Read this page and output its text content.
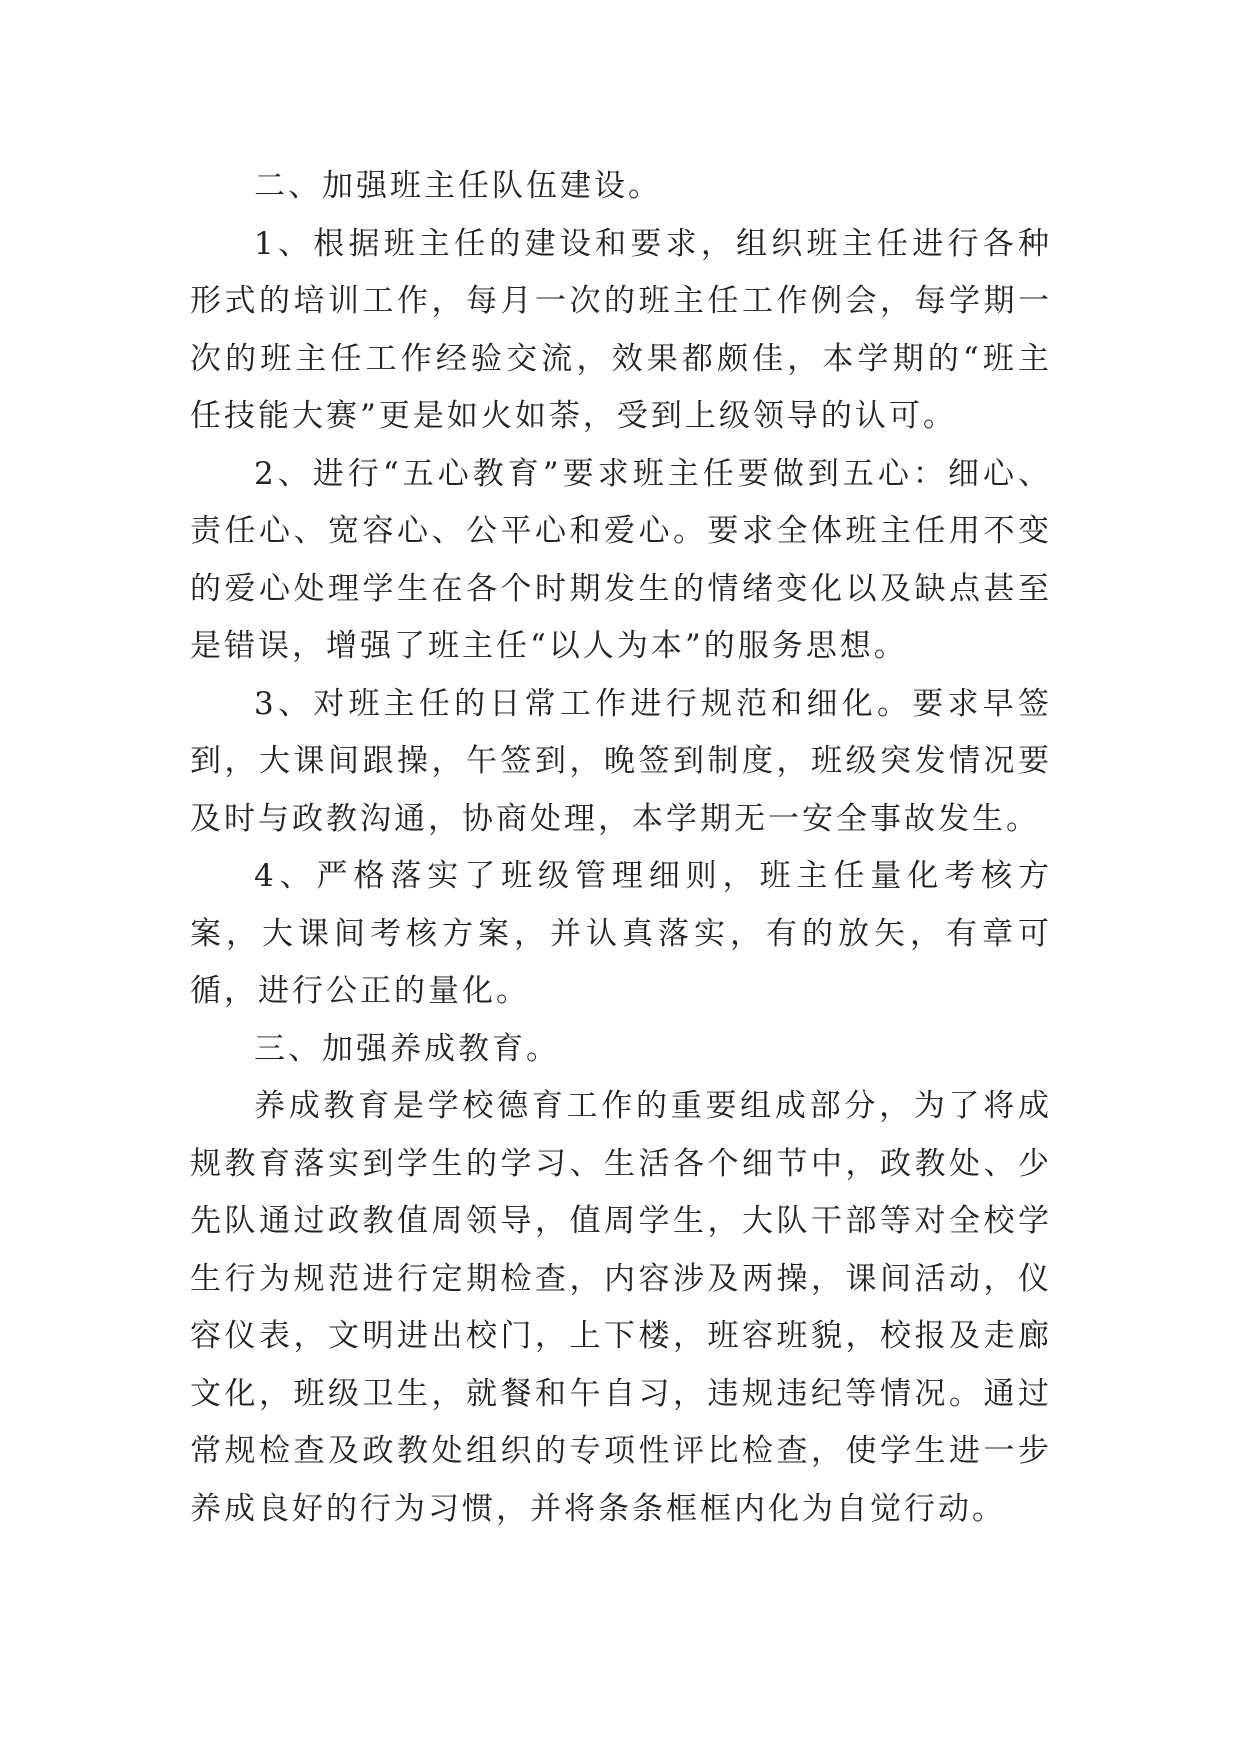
二、加强班主任队伍建设。

1、根据班主任的建设和要求，组织班主任进行各种形式的培训工作，每月一次的班主任工作例会，每学期一次的班主任工作经验交流，效果都颇佳，本学期的“班主任技能大赛”更是如火如荼，受到上级领导的认可。

2、进行“五心教育”要求班主任要做到五心：细心、责任心、宽容心、公平心和爱心。要求全体班主任用不变的爱心处理学生在各个时期发生的情绪变化以及缺点甚至是错误，增强了班主任“以人为本”的服务思想。

3、对班主任的日常工作进行规范和细化。要求早签到，大课间跟操，午签到，晚签到制度，班级突发情况要及时与政教沟通，协商处理，本学期无一安全事故发生。

4、严格落实了班级管理细则，班主任量化考核方案，大课间考核方案，并认真落实，有的放矢，有章可循，进行公正的量化。

三、加强养成教育。

养成教育是学校德育工作的重要组成部分，为了将成规教育落实到学生的学习、生活各个细节中，政教处、少先队通过政教值周领导，值周学生，大队干部等对全校学生行为规范进行定期检查，内容涉及两操，课间活动，仪容仪表，文明进出校门，上下楼，班容班貌，校报及走廊文化，班级卫生，就餐和午自习，违规违纪等情况。通过常规检查及政教处组织的专项性评比检查，使学生进一步养成良好的行为习惯，并将条条框框内化为自觉行动。
